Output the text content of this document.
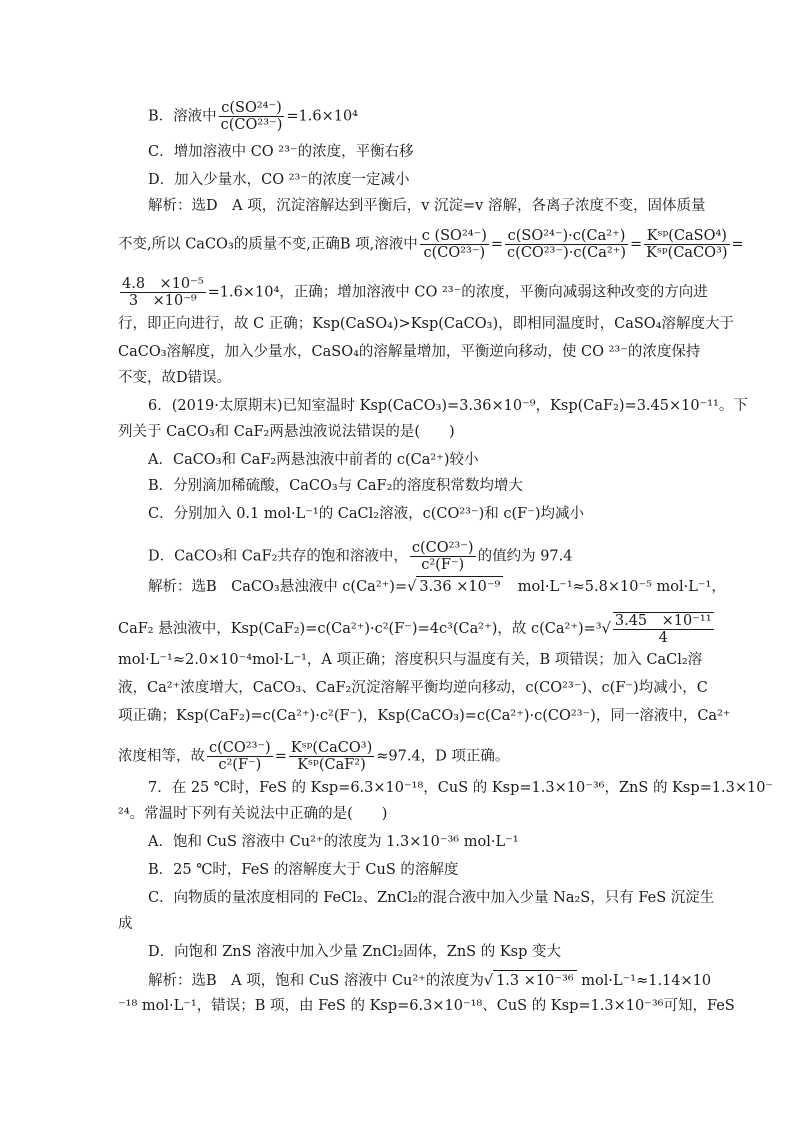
B．溶液中 $\frac{\text{c(SO²⁴⁻)}}{\text{c(CO²³⁻)}} =1.6\times 10^4$
C．增加溶液中 CO ²³⁻的浓度，平衡右移
D．加入少量水，CO ²³⁻的浓度一定减小
解析：选D　A 项，沉淀溶解达到平衡后，v 沉淀=v 溶解，各离子浓度不变，固体质量
不变,所以 CaCO₃的质量不变,正确B 项,溶液中 $\frac{\text{c (SO²⁴⁻)}}{\text{c(CO²³⁻)}} = \frac{\text{c(SO²⁴⁻)·c(Ca²⁺)}}{\text{c(CO²³⁻)·c(Ca²⁺)}} = \frac{\text{Kˢᵖ(CaSO⁴)}}{\text{Kˢᵖ(CaCO³)}}$ =
$\frac{\text{4.8　×10⁻⁵}}{\text{3　×10⁻⁹}} =1.6\times 10^4$，正确；增加溶液中 CO ²³⁻的浓度，平衡向减弱这种改变的方向进
行，即正向进行，故 C 正确；Ksp(CaSO₄)>Ksp(CaCO₃)，即相同温度时，CaSO₄溶解度大于
CaCO₃溶解度，加入少量水，CaSO₄的溶解量增加，平衡逆向移动，使 CO ²³⁻的浓度保持
不变，故D错误。
6．(2019·太原期末)已知室温时 Ksp(CaCO₃)=3.36×10⁻⁹，Ksp(CaF₂)=3.45×10⁻¹¹。下
列关于 CaCO₃和 CaF₂两悬浊液说法错误的是(　　)
A．CaCO₃和 CaF₂两悬浊液中前者的 c(Ca²⁺)较小
B．分别滴加稀硫酸，CaCO₃与 CaF₂的溶度积常数均增大
C．分别加入 0.1 mol·L⁻¹的 CaCl₂溶液，c(CO²³⁻)和 c(F⁻)均减小
D．CaCO₃和 CaF₂共存的饱和溶液中， $\frac{\text{c(CO²³⁻)}}{\text{c²(F⁻)}}$ 的值约为 97.4
解析：选B　CaCO₃悬浊液中 c(Ca²⁺)=√ 3.36 ×10⁻⁹　mol·L⁻¹≈5.8×10⁻⁵ mol·L⁻¹，
CaF₂ 悬浊液中，Ksp(CaF₂)=c(Ca²⁺)·c²(F⁻)=4c³(Ca²⁺)，故 $c(Ca^{2+})=^3√ \frac{\text{3.45　×10⁻¹¹}}{4}$
mol·L⁻¹≈2.0×10⁻⁴mol·L⁻¹，A 项正确；溶度积只与温度有关，B 项错误；加入 CaCl₂溶
液，Ca²⁺浓度增大，CaCO₃、CaF₂沉淀溶解平衡均逆向移动，c(CO²³⁻)、c(F⁻)均减小，C
项正确；Ksp(CaF₂)=c(Ca²⁺)·c²(F⁻)，Ksp(CaCO₃)=c(Ca²⁺)·c(CO²³⁻)，同一溶液中，Ca²⁺
浓度相等，故 $\frac{\text{c(CO²³⁻)}}{\text{c²(F⁻)}} = \frac{\text{Kˢᵖ(CaCO³)}}{\text{Kˢᵖ(CaF²)}} \approx 97.4$，D 项正确。
7．在 25 ℃时，FeS 的 Ksp=6.3×10⁻¹⁸，CuS 的 Ksp=1.3×10⁻³⁶，ZnS 的 Ksp=1.3×10⁻
²⁴。常温时下列有关说法中正确的是(　　)
A．饱和 CuS 溶液中 Cu²⁺的浓度为 1.3×10⁻³⁶ mol·L⁻¹
B．25 ℃时，FeS 的溶解度大于 CuS 的溶解度
C．向物质的量浓度相同的 FeCl₂、ZnCl₂的混合液中加入少量 Na₂S，只有 FeS 沉淀生
成
D．向饱和 ZnS 溶液中加入少量 ZnCl₂固体，ZnS 的 Ksp 变大
解析：选B　A 项，饱和 CuS 溶液中 Cu²⁺的浓度为√ 1.3 ×10⁻³⁶ mol·L⁻¹≈1.14×10
⁻¹⁸ mol·L⁻¹，错误；B 项，由 FeS 的 Ksp=6.3×10⁻¹⁸、CuS 的 Ksp=1.3×10⁻³⁶可知，FeS
